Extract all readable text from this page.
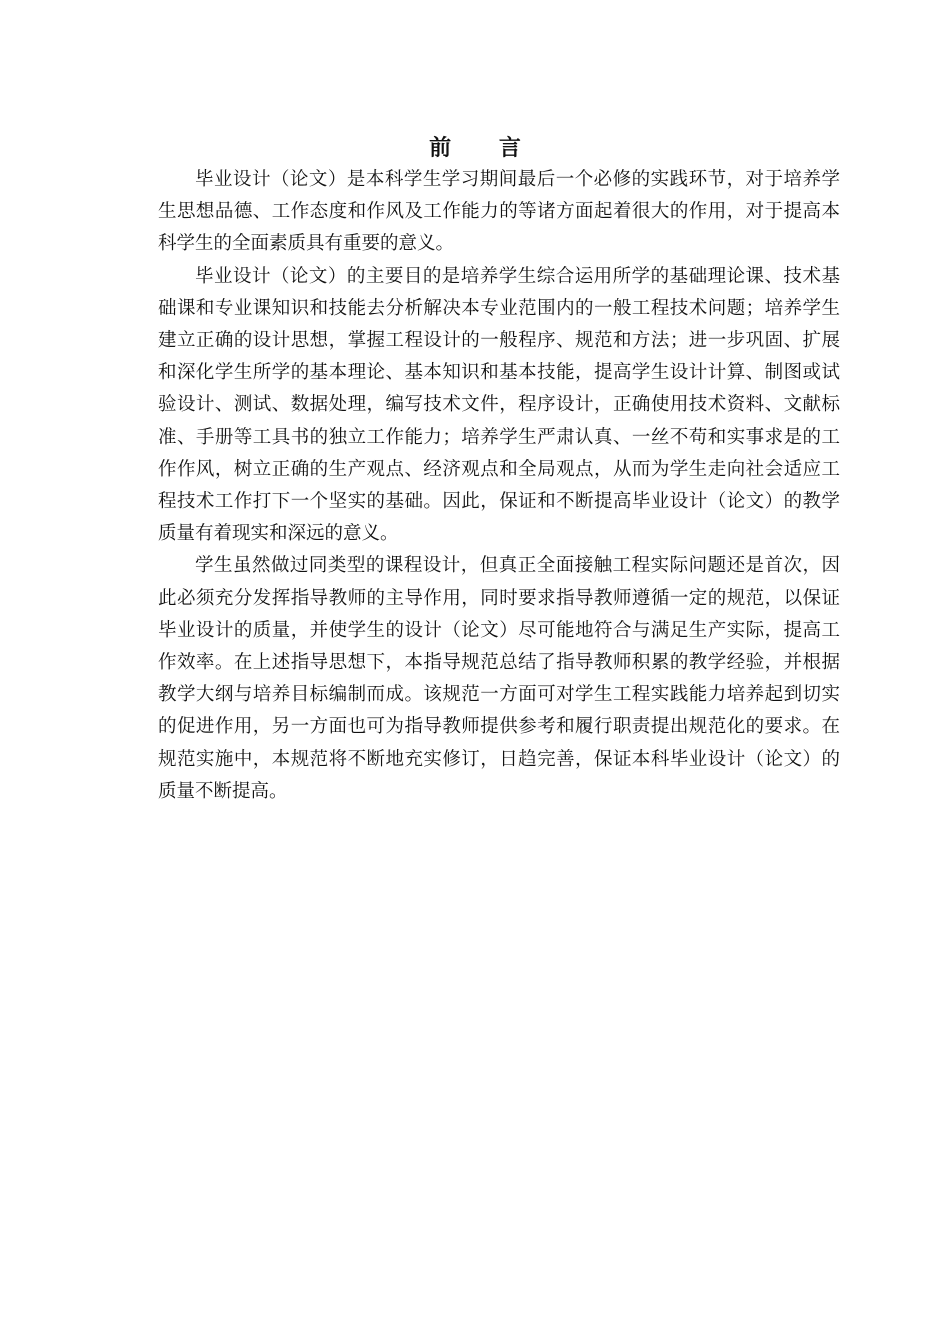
前 言

毕业设计（论文）是本科学生学习期间最后一个必修的实践环节，对于培养学生思想品德、工作态度和作风及工作能力的等诸方面起着很大的作用，对于提高本科学生的全面素质具有重要的意义。

毕业设计（论文）的主要目的是培养学生综合运用所学的基础理论课、技术基础课和专业课知识和技能去分析解决本专业范围内的一般工程技术问题；培养学生建立正确的设计思想，掌握工程设计的一般程序、规范和方法；进一步巩固、扩展和深化学生所学的基本理论、基本知识和基本技能，提高学生设计计算、制图或试验设计、测试、数据处理，编写技术文件，程序设计，正确使用技术资料、文献标准、手册等工具书的独立工作能力；培养学生严肃认真、一丝不苟和实事求是的工作作风，树立正确的生产观点、经济观点和全局观点，从而为学生走向社会适应工程技术工作打下一个坚实的基础。因此，保证和不断提高毕业设计（论文）的教学质量有着现实和深远的意义。

学生虽然做过同类型的课程设计，但真正全面接触工程实际问题还是首次，因此必须充分发挥指导教师的主导作用，同时要求指导教师遵循一定的规范，以保证毕业设计的质量，并使学生的设计（论文）尽可能地符合与满足生产实际，提高工作效率。在上述指导思想下，本指导规范总结了指导教师积累的教学经验，并根据教学大纲与培养目标编制而成。该规范一方面可对学生工程实践能力培养起到切实的促进作用，另一方面也可为指导教师提供参考和履行职责提出规范化的要求。在规范实施中，本规范将不断地充实修订，日趋完善，保证本科毕业设计（论文）的质量不断提高。
